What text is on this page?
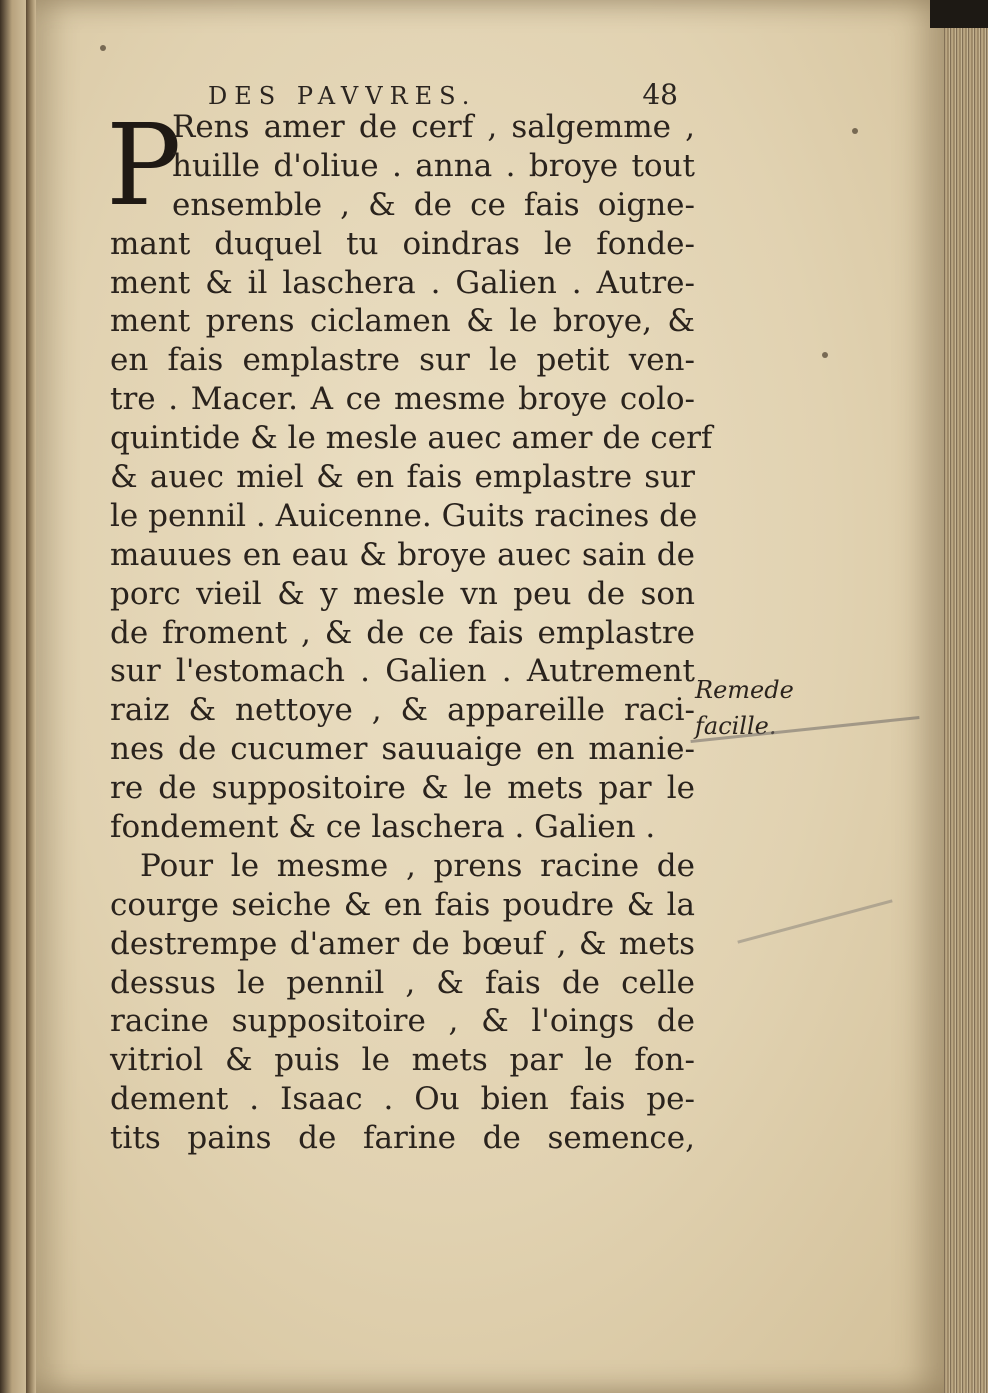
DES PAVVRES.	48
P
Rens amer de cerf , salgemme ,
huille d'oliue . anna . broye tout
ensemble , & de ce fais oigne-
mant duquel tu oindras le fonde-
ment & il laschera . Galien . Autre-
ment prens ciclamen & le broye, &
en fais emplastre sur le petit ven-
tre . Macer. A ce mesme broye colo-
quintide & le mesle auec amer de cerf
& auec miel & en fais emplastre sur
le pennil . Auicenne. Guits racines de
mauues en eau & broye auec sain de
porc vieil & y mesle vn peu de son
de froment , & de ce fais emplastre
sur l'estomach . Galien . Autrement
raiz & nettoye , & appareille raci-
nes de cucumer sauuaige en manie-
re de suppositoire & le mets par le
fondement & ce laschera . Galien .
Pour le mesme , prens racine de
courge seiche & en fais poudre & la
destrempe d'amer de bœuf , & mets
dessus le pennil , & fais de celle
racine suppositoire , & l'oings de
vitriol & puis le mets par le fon-
dement . Isaac . Ou bien fais pe-
tits pains de farine de semence,
Remede
facille.
